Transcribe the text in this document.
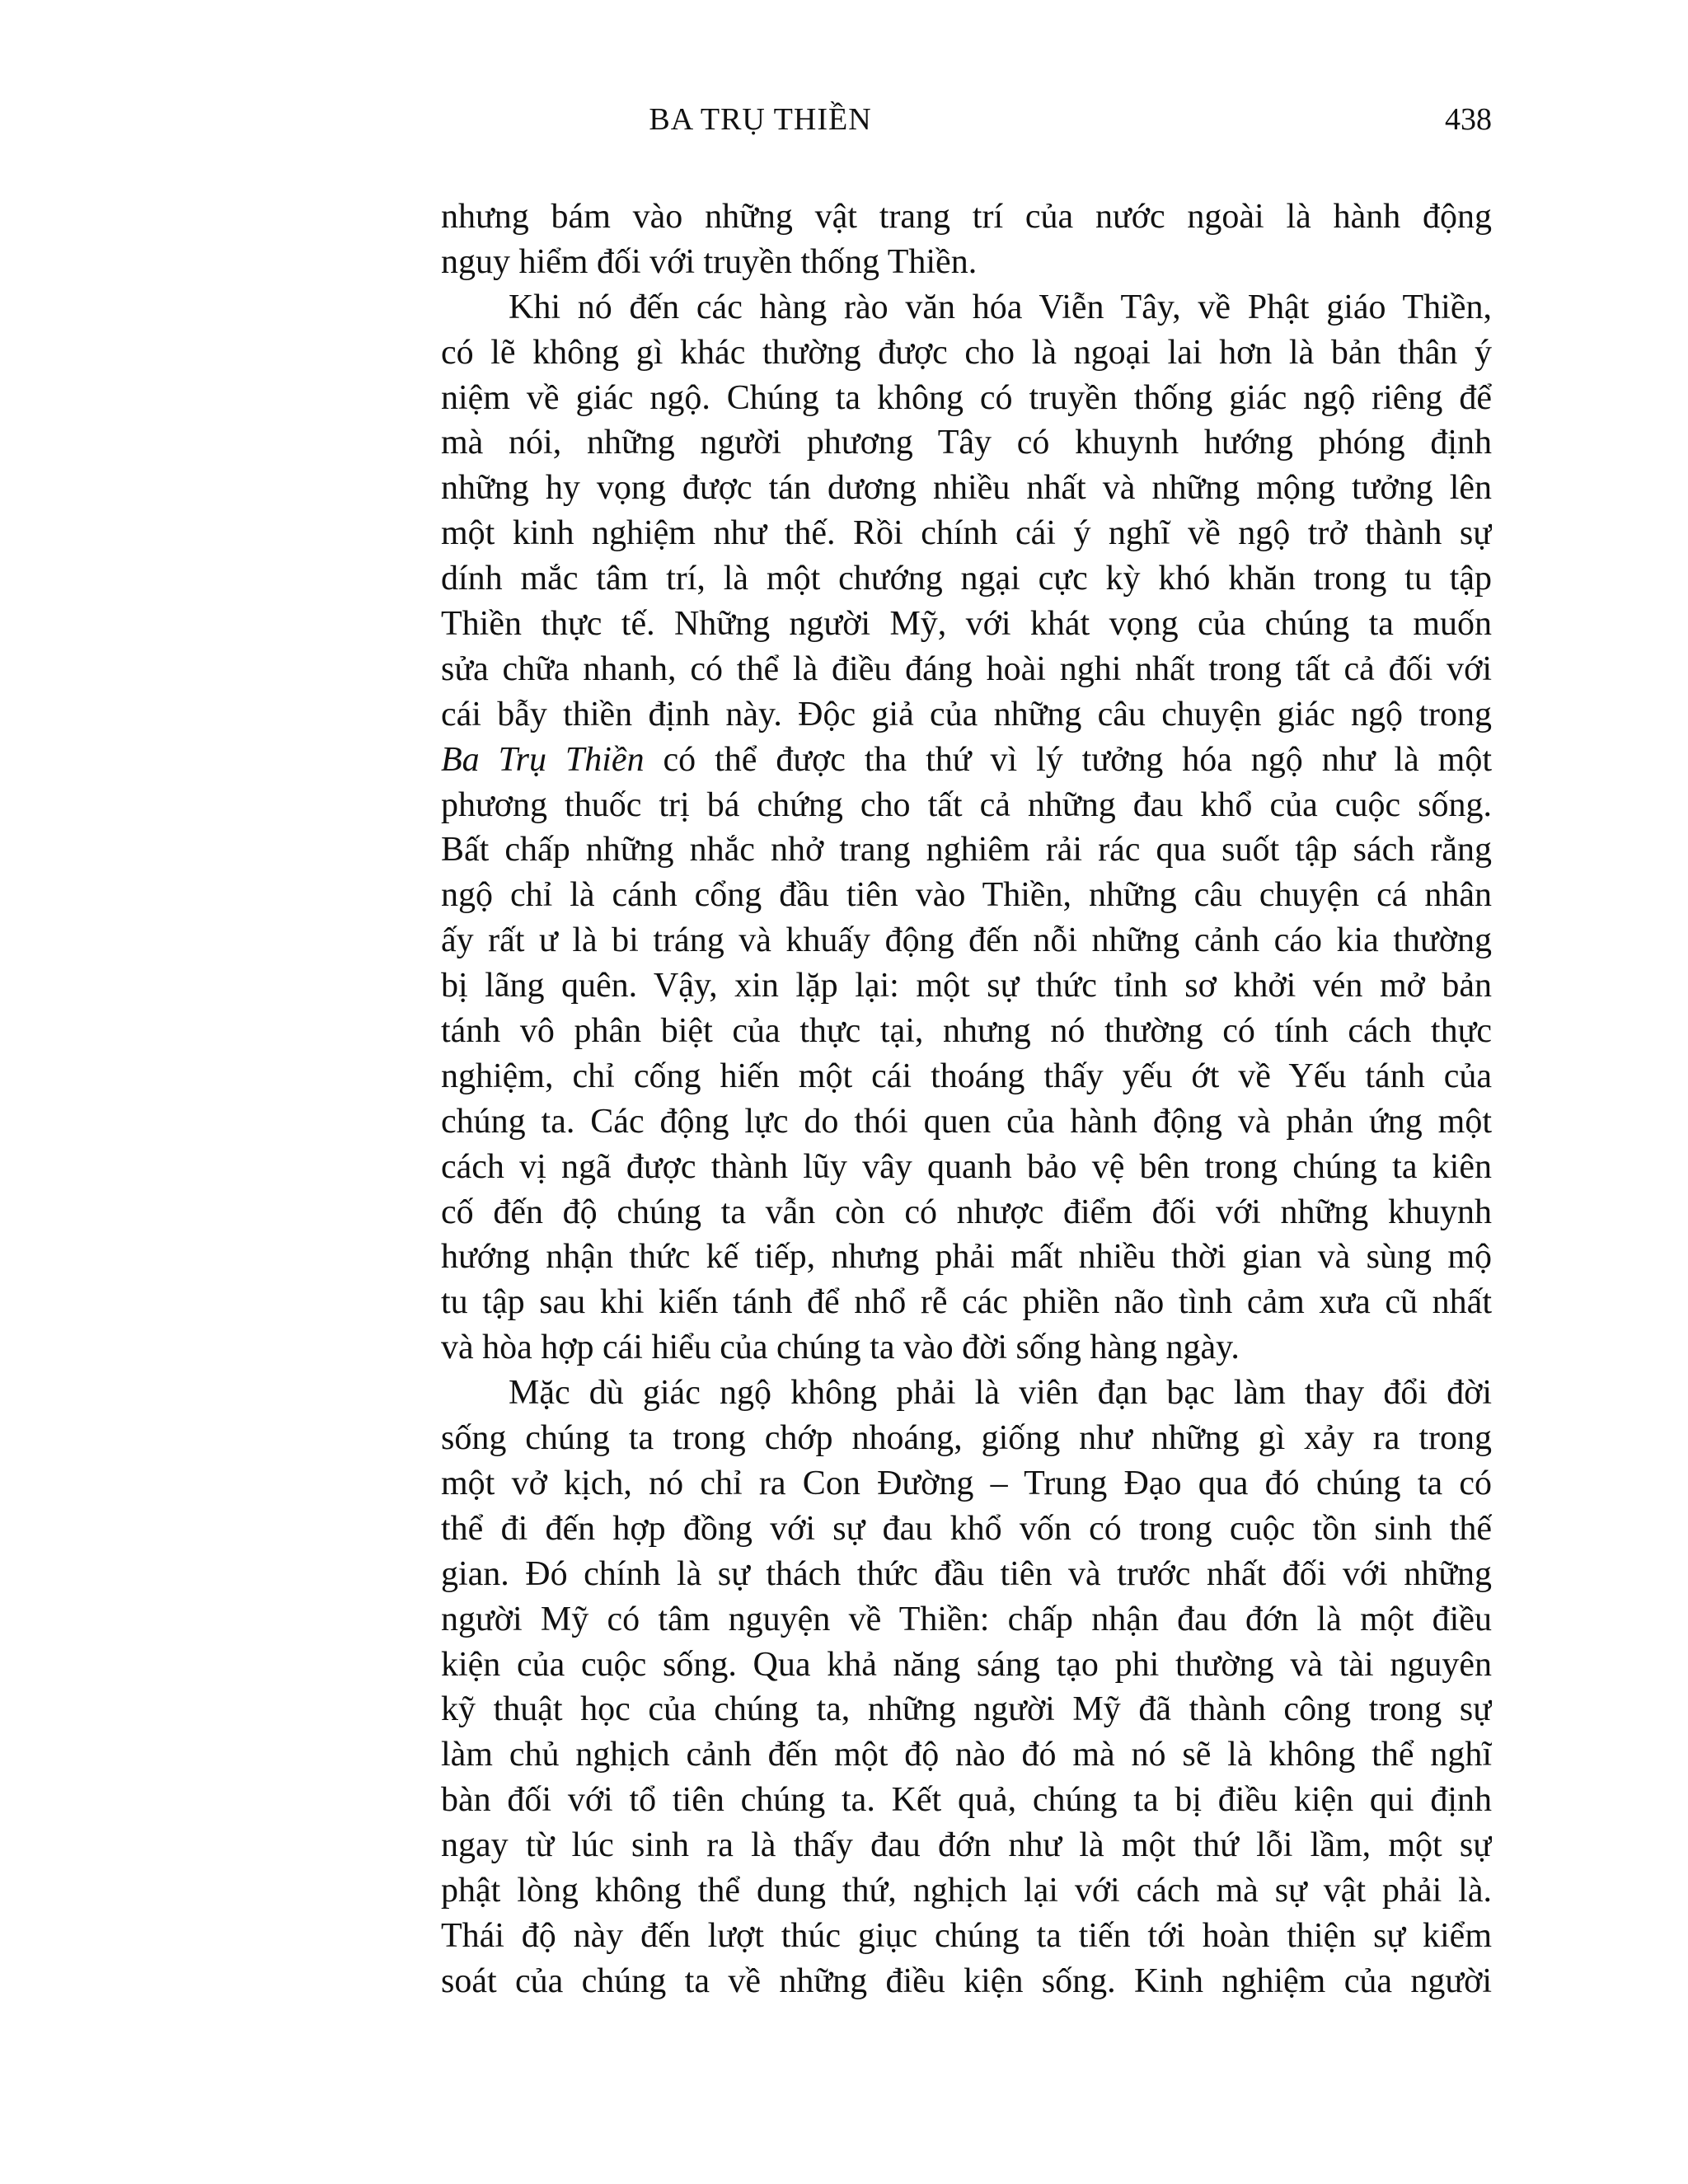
BA TRỤ THIỀN	438
nhưng bám vào những vật trang trí của nước ngoài là hành động
nguy hiểm đối với truyền thống Thiền.
Khi nó đến các hàng rào văn hóa Viễn Tây, về Phật giáo Thiền,
có lẽ không gì khác thường được cho là ngoại lai hơn là bản thân ý
niệm về giác ngộ. Chúng ta không có truyền thống giác ngộ riêng để
mà nói, những người phương Tây có khuynh hướng phóng định
những hy vọng được tán dương nhiều nhất và những mộng tưởng lên
một kinh nghiệm như thế. Rồi chính cái ý nghĩ về ngộ trở thành sự
dính mắc tâm trí, là một chướng ngại cực kỳ khó khăn trong tu tập
Thiền thực tế. Những người Mỹ, với khát vọng của chúng ta muốn
sửa chữa nhanh, có thể là điều đáng hoài nghi nhất trong tất cả đối với
cái bẫy thiền định này. Độc giả của những câu chuyện giác ngộ trong
Ba Trụ Thiền có thể được tha thứ vì lý tưởng hóa ngộ như là một
phương thuốc trị bá chứng cho tất cả những đau khổ của cuộc sống.
Bất chấp những nhắc nhở trang nghiêm rải rác qua suốt tập sách rằng
ngộ chỉ là cánh cổng đầu tiên vào Thiền, những câu chuyện cá nhân
ấy rất ư là bi tráng và khuấy động đến nỗi những cảnh cáo kia thường
bị lãng quên. Vậy, xin lặp lại: một sự thức tỉnh sơ khởi vén mở bản
tánh vô phân biệt của thực tại, nhưng nó thường có tính cách thực
nghiệm, chỉ cống hiến một cái thoáng thấy yếu ớt về Yếu tánh của
chúng ta. Các động lực do thói quen của hành động và phản ứng một
cách vị ngã được thành lũy vây quanh bảo vệ bên trong chúng ta kiên
cố đến độ chúng ta vẫn còn có nhược điểm đối với những khuynh
hướng nhận thức kế tiếp, nhưng phải mất nhiều thời gian và sùng mộ
tu tập sau khi kiến tánh để nhổ rễ các phiền não tình cảm xưa cũ nhất
và hòa hợp cái hiểu của chúng ta vào đời sống hàng ngày.
Mặc dù giác ngộ không phải là viên đạn bạc làm thay đổi đời
sống chúng ta trong chớp nhoáng, giống như những gì xảy ra trong
một vở kịch, nó chỉ ra Con Đường – Trung Đạo qua đó chúng ta có
thể đi đến hợp đồng với sự đau khổ vốn có trong cuộc tồn sinh thế
gian. Đó chính là sự thách thức đầu tiên và trước nhất đối với những
người Mỹ có tâm nguyện về Thiền: chấp nhận đau đớn là một điều
kiện của cuộc sống. Qua khả năng sáng tạo phi thường và tài nguyên
kỹ thuật học của chúng ta, những người Mỹ đã thành công trong sự
làm chủ nghịch cảnh đến một độ nào đó mà nó sẽ là không thể nghĩ
bàn đối với tổ tiên chúng ta. Kết quả, chúng ta bị điều kiện qui định
ngay từ lúc sinh ra là thấy đau đớn như là một thứ lỗi lầm, một sự
phật lòng không thể dung thứ, nghịch lại với cách mà sự vật phải là.
Thái độ này đến lượt thúc giục chúng ta tiến tới hoàn thiện sự kiểm
soát của chúng ta về những điều kiện sống. Kinh nghiệm của người
